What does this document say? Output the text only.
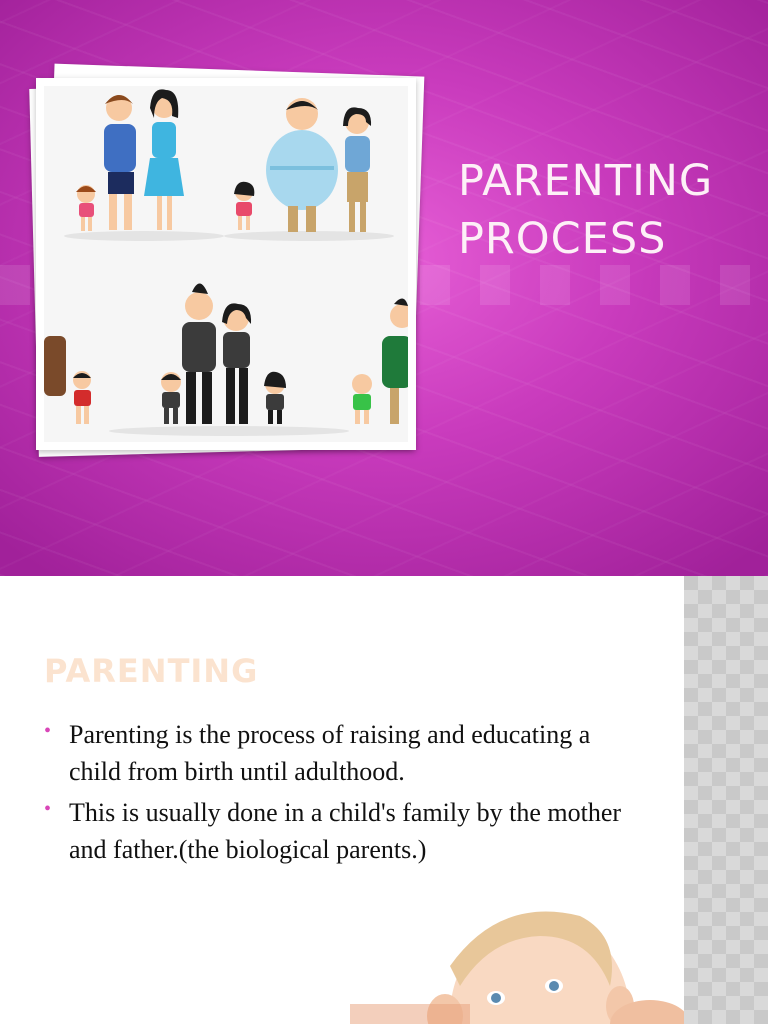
PARENTING
PROCESS
PARENTING
• Parenting is the process of raising and educating a child from birth until adulthood.
• This is usually done in a child's family by the mother and father.(the biological parents.)
